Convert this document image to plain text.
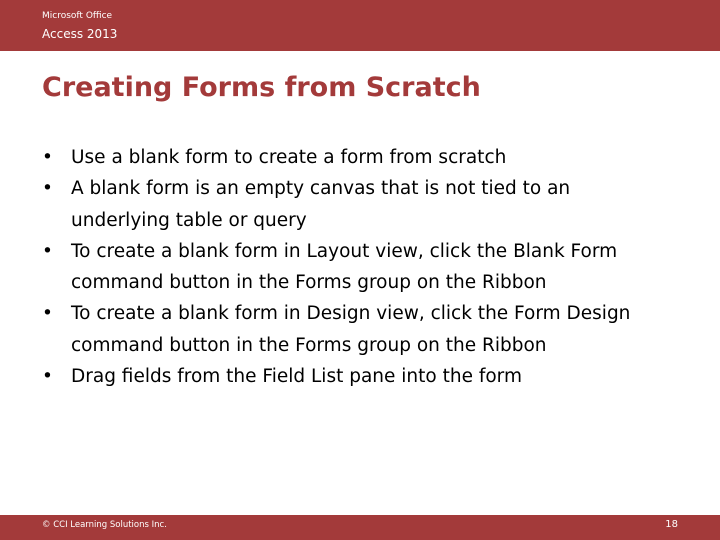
Microsoft Office
Access 2013
Creating Forms from Scratch
• Use a blank form to create a form from scratch
• A blank form is an empty canvas that is not tied to an underlying table or query
• To create a blank form in Layout view, click the Blank Form command button in the Forms group on the Ribbon
• To create a blank form in Design view, click the Form Design command button in the Forms group on the Ribbon
• Drag fields from the Field List pane into the form
© CCI Learning Solutions Inc.	18
